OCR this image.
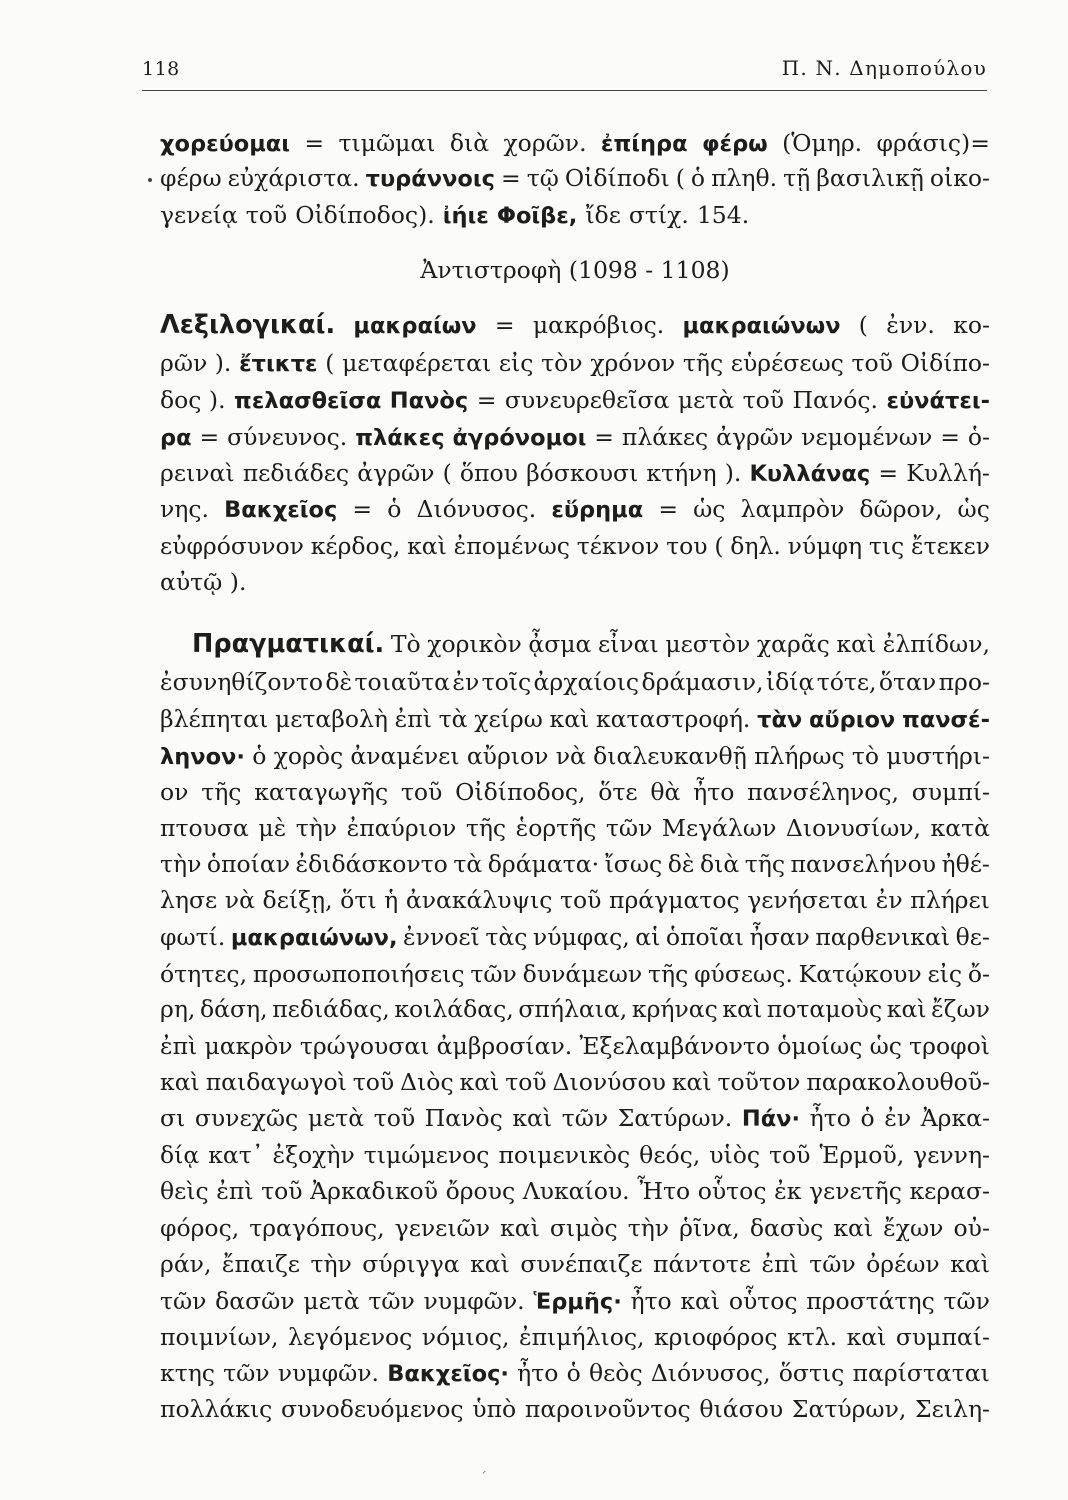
118	Π. Ν. Δημοπούλου
χορεύομαι = τιμῶμαι διὰ χορῶν. ἐπίηρα φέρω (Ὁμηρ. φράσις)=
φέρω εὐχάριστα. τυράννοις = τῷ Οἰδίποδι ( ὁ πληθ. τῇ βασιλικῇ οἰκο-
γενείᾳ τοῦ Οἰδίποδος). ἰήιε Φοῖβε, ἴδε στίχ. 154.
Ἀντιστροφὴ (1098 - 1108)
Λεξιλογικαί. μακραίων = μακρόβιος. μακραιώνων ( ἐνν. κο-
ρῶν ). ἔτικτε ( μεταφέρεται εἰς τὸν χρόνον τῆς εὑρέσεως τοῦ Οἰδίπο-
δος ). πελασθεῖσα Πανὸς = συνευρεθεῖσα μετὰ τοῦ Πανός. εὐνάτει-
ρα = σύνευνος. πλάκες ἀγρόνομοι = πλάκες ἀγρῶν νεμομένων = ὁ-
ρειναὶ πεδιάδες ἀγρῶν ( ὅπου βόσκουσι κτήνη ). Κυλλάνας = Κυλλή-
νης. Βακχεῖος = ὁ Διόνυσος. εὕρημα = ὡς λαμπρὸν δῶρον, ὡς
εὐφρόσυνον κέρδος, καὶ ἐπομένως τέκνον του ( δηλ. νύμφη τις ἔτεκεν
αὐτῷ ).
Πραγματικαί. Τὸ χορικὸν ᾆσμα εἶναι μεστὸν χαρᾶς καὶ ἐλπίδων,
ἐσυνηθίζοντο δὲ τοιαῦτα ἐν τοῖς ἀρχαίοις δράμασιν, ἰδίᾳ τότε, ὅταν προ-
βλέπηται μεταβολὴ ἐπὶ τὰ χείρω καὶ καταστροφή. τὰν αὔριον πανσέ-
ληνον· ὁ χορὸς ἀναμένει αὔριον νὰ διαλευκανθῇ πλήρως τὸ μυστήρι-
ον τῆς καταγωγῆς τοῦ Οἰδίποδος, ὅτε θὰ ἦτο πανσέληνος, συμπί-
πτουσα μὲ τὴν ἐπαύριον τῆς ἑορτῆς τῶν Μεγάλων Διονυσίων, κατὰ
τὴν ὁποίαν ἐδιδάσκοντο τὰ δράματα· ἴσως δὲ διὰ τῆς πανσελήνου ἠθέ-
λησε νὰ δείξῃ, ὅτι ἡ ἀνακάλυψις τοῦ πράγματος γενήσεται ἐν πλήρει
φωτί. μακραιώνων, ἐννοεῖ τὰς νύμφας, αἱ ὁποῖαι ἦσαν παρθενικαὶ θε-
ότητες, προσωποποιήσεις τῶν δυνάμεων τῆς φύσεως. Κατῴκουν εἰς ὄ-
ρη, δάση, πεδιάδας, κοιλάδας, σπήλαια, κρήνας καὶ ποταμοὺς καὶ ἔζων
ἐπὶ μακρὸν τρώγουσαι ἀμβροσίαν. Ἐξελαμβάνοντο ὁμοίως ὡς τροφοὶ
καὶ παιδαγωγοὶ τοῦ Διὸς καὶ τοῦ Διονύσου καὶ τοῦτον παρακολουθοῦ-
σι συνεχῶς μετὰ τοῦ Πανὸς καὶ τῶν Σατύρων. Πάν· ἦτο ὁ ἐν Ἀρκα-
δίᾳ κατ᾽ ἐξοχὴν τιμώμενος ποιμενικὸς θεός, υἱὸς τοῦ Ἑρμοῦ, γεννη-
θεὶς ἐπὶ τοῦ Ἀρκαδικοῦ ὄρους Λυκαίου. Ἦτο οὗτος ἐκ γενετῆς κερασ-
φόρος, τραγόπους, γενειῶν καὶ σιμὸς τὴν ῥῖνα, δασὺς καὶ ἔχων οὐ-
ράν, ἔπαιζε τὴν σύριγγα καὶ συνέπαιζε πάντοτε ἐπὶ τῶν ὀρέων καὶ
τῶν δασῶν μετὰ τῶν νυμφῶν. Ἑρμῆς· ἦτο καὶ οὗτος προστάτης τῶν
ποιμνίων, λεγόμενος νόμιος, ἐπιμήλιος, κριοφόρος κτλ. καὶ συμπαί-
κτης τῶν νυμφῶν. Βακχεῖος· ἦτο ὁ θεὸς Διόνυσος, ὅστις παρίσταται
πολλάκις συνοδευόμενος ὑπὸ παροινοῦντος θιάσου Σατύρων, Σειλη-
ˊ
